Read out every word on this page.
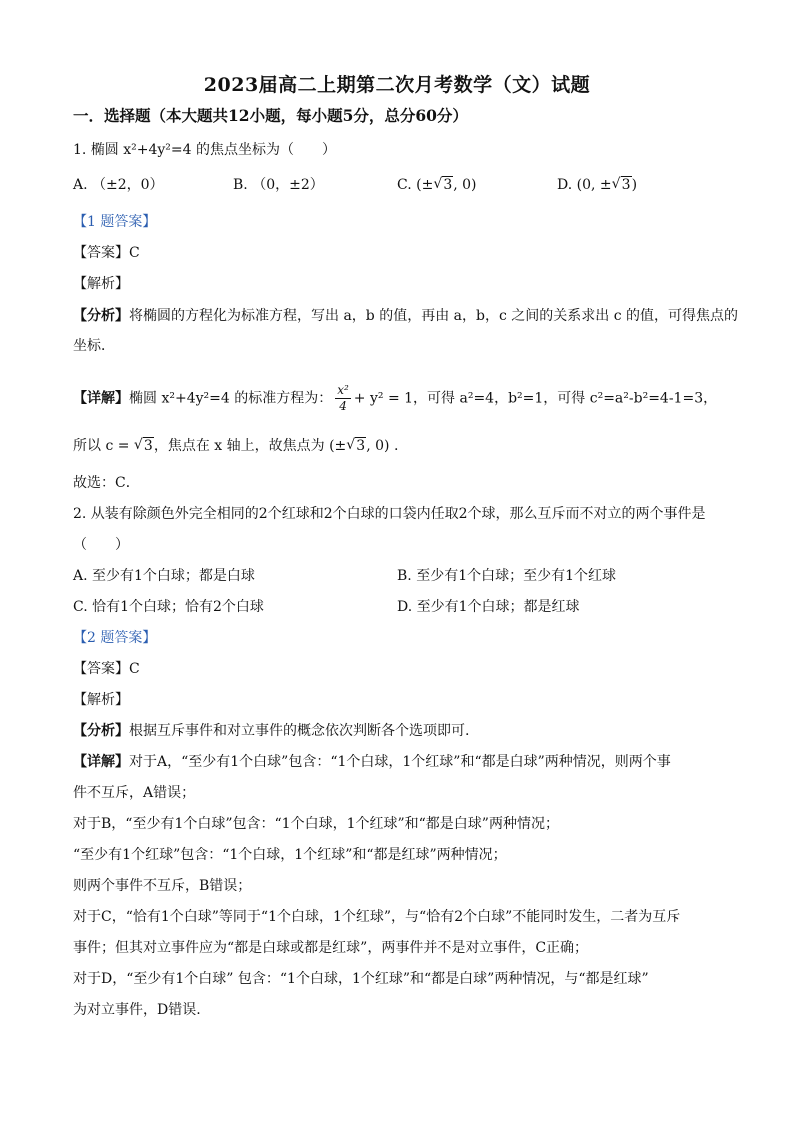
2023届高二上期第二次月考数学（文）试题
一．选择题（本大题共12小题，每小题5分，总分60分）
1. 椭圆 x²+4y²=4 的焦点坐标为（　　）
A. （±2，0）	B. （0，±2）	C. (± √ 3, 0)	D. (0, ± √ 3)
【1 题答案】
【答案】C
【解析】
【分析】将椭圆的方程化为标准方程，写出 a，b 的值，再由 a，b，c 之间的关系求出 c 的值，可得焦点的
坐标．
【详解】椭圆 x²+4y²=4 的标准方程为： $\frac{\text{x²}}{4} + y^2 = 1$，可得 a²=4，b²=1，可得 c²=a²-b²=4-1=3，
所以 c = √ 3，焦点在 x 轴上，故焦点为 (± √ 3, 0) .
故选：C．
2. 从装有除颜色外完全相同的2个红球和2个白球的口袋内任取2个球，那么互斥而不对立的两个事件是
（　　）
A. 至少有1个白球；都是白球	B. 至少有1个白球；至少有1个红球
C. 恰有1个白球；恰有2个白球	D. 至少有1个白球；都是红球
【2 题答案】
【答案】C
【解析】
【分析】根据互斥事件和对立事件的概念依次判断各个选项即可.
【详解】对于A，“至少有1个白球”包含：“1个白球，1个红球”和“都是白球”两种情况，则两个事
件不互斥，A错误；
对于B，“至少有1个白球”包含：“1个白球，1个红球”和“都是白球”两种情况；
“至少有1个红球”包含：“1个白球，1个红球”和“都是红球”两种情况；
则两个事件不互斥，B错误；
对于C，“恰有1个白球”等同于“1个白球，1个红球”，与“恰有2个白球”不能同时发生，二者为互斥
事件；但其对立事件应为“都是白球或都是红球”，两事件并不是对立事件，C正确；
对于D，“至少有1个白球” 包含：“1个白球，1个红球”和“都是白球”两种情况，与“都是红球”
为对立事件，D错误.
